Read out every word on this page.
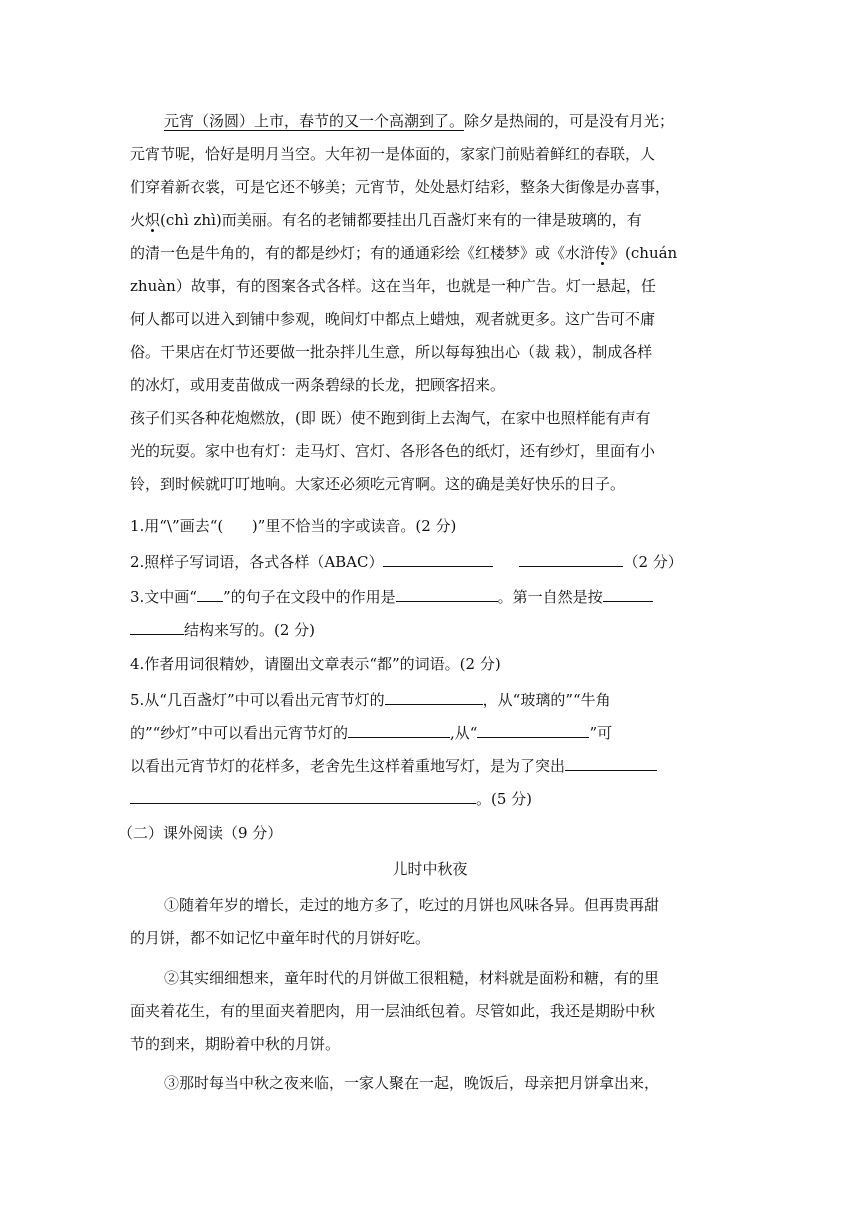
元宵（汤圆）上市，春节的又一个高潮到了。除夕是热闹的，可是没有月光；
元宵节呢，恰好是明月当空。大年初一是体面的，家家门前贴着鲜红的春联，人
们穿着新衣裳，可是它还不够美；元宵节，处处悬灯结彩，整条大街像是办喜事，
火炽(chì zhì)而美丽。有名的老铺都要挂出几百盏灯来有的一律是玻璃的，有
的清一色是牛角的，有的都是纱灯；有的通通彩绘《红楼梦》或《水浒传》(chuán
zhuàn）故事，有的图案各式各样。这在当年，也就是一种广告。灯一悬起，任
何人都可以进入到铺中参观，晚间灯中都点上蜡烛，观者就更多。这广告可不庸
俗。干果店在灯节还要做一批杂拌儿生意，所以每每独出心（裁 栽），制成各样
的冰灯，或用麦苗做成一两条碧绿的长龙，把顾客招来。
孩子们买各种花炮燃放，(即 既）使不跑到街上去淘气，在家中也照样能有声有
光的玩耍。家中也有灯：走马灯、宫灯、各形各色的纸灯，还有纱灯，里面有小
铃，到时候就叮叮地响。大家还必须吃元宵啊。这的确是美好快乐的日子。
1.用“\”画去“(      )”里不恰当的字或读音。(2 分)
2.照样子写词语，各式各样（ABAC）	（2 分）
3.文中画“ ”的句子在文段中的作用是	。第一自然是按
结构来写的。(2 分)
4.作者用词很精妙，请圈出文章表示“都”的词语。(2 分)
5.从“几百盏灯”中可以看出元宵节灯的	，从“玻璃的”“牛角
的”“纱灯”中可以看出元宵节灯的	,从“	”可
以看出元宵节灯的花样多，老舍先生这样着重地写灯，是为了突出
。(5 分)
（二）课外阅读（9 分）
儿时中秋夜
①随着年岁的增长，走过的地方多了，吃过的月饼也风味各异。但再贵再甜
的月饼，都不如记忆中童年时代的月饼好吃。
②其实细细想来，童年时代的月饼做工很粗糙，材料就是面粉和糖，有的里
面夹着花生，有的里面夹着肥肉，用一层油纸包着。尽管如此，我还是期盼中秋
节的到来，期盼着中秋的月饼。
③那时每当中秋之夜来临，一家人聚在一起，晚饭后，母亲把月饼拿出来，
